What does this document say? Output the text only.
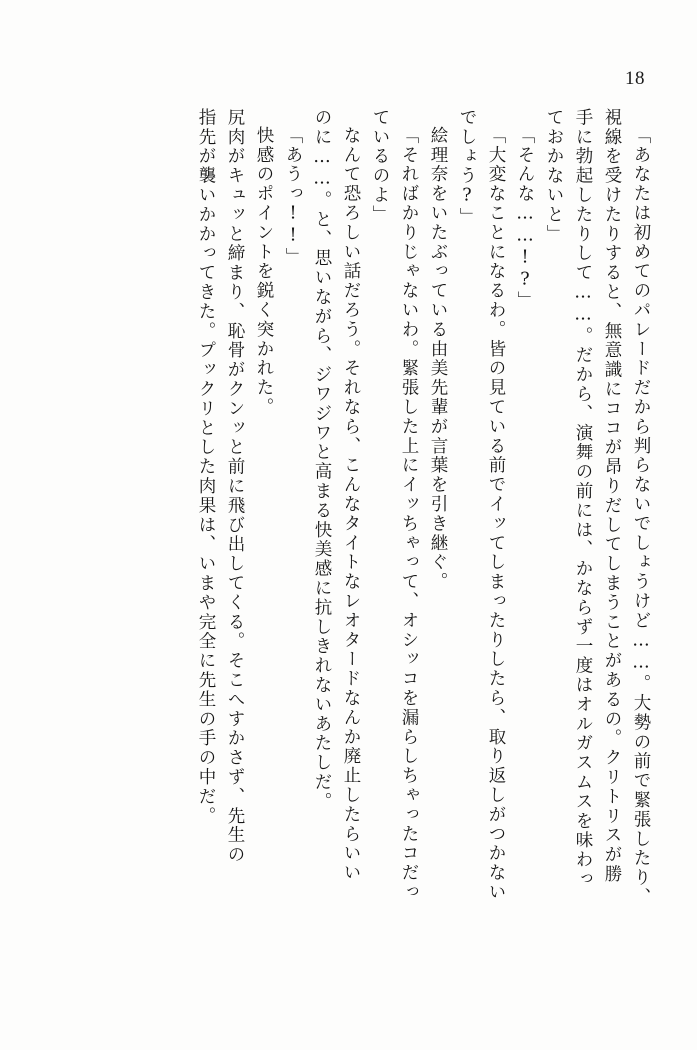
18
「あなたは初めてのパレードだから判らないでしょうけど……。大勢の前で緊張したり、
視線を受けたりすると、無意識にココが昂りだしてしまうことがあるの。クリトリスが勝
手に勃起したりして……。だから、演舞の前には、かならず一度はオルガスムスを味わっ
ておかないと」
「そんな……!?」
「大変なことになるわ。皆の見ている前でイッてしまったりしたら、取り返しがつかない
でしょう?」
絵理奈をいたぶっている由美先輩が言葉を引き継ぐ。
「そればかりじゃないわ。緊張した上にイッちゃって、オシッコを漏らしちゃったコだっ
ているのよ」
なんて恐ろしい話だろう。それなら、こんなタイトなレオタードなんか廃止したらいい
のに……。と、思いながら、ジワジワと高まる快美感に抗しきれないあたしだ。
「あうっ!!」
快感のポイントを鋭く突かれた。
尻肉がキュッと締まり、恥骨がクンッと前に飛び出してくる。そこへすかさず、先生の
指先が襲いかかってきた。プックリとした肉果は、いまや完全に先生の手の中だ。
